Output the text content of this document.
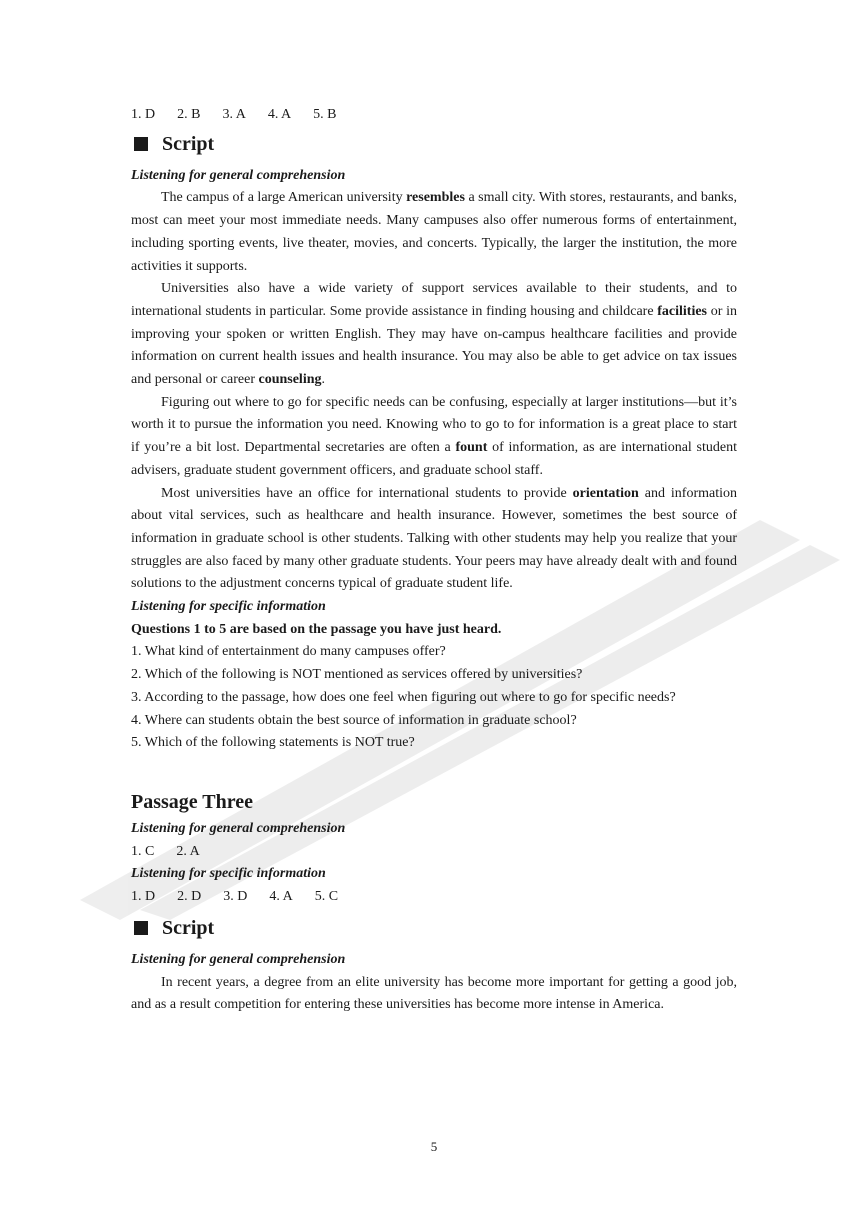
1. D 2. B 3. A 4. A 5. B
Script
Listening for general comprehension

The campus of a large American university resembles a small city. With stores, restaurants, and banks, most can meet your most immediate needs. Many campuses also offer numerous forms of entertainment, including sporting events, live theater, movies, and concerts. Typically, the larger the institution, the more activities it supports.

Universities also have a wide variety of support services available to their students, and to international students in particular. Some provide assistance in finding housing and childcare facilities or in improving your spoken or written English. They may have on-campus healthcare facilities and provide information on current health issues and health insurance. You may also be able to get advice on tax issues and personal or career counseling.

Figuring out where to go for specific needs can be confusing, especially at larger institutions—but it’s worth it to pursue the information you need. Knowing who to go to for information is a great place to start if you’re a bit lost. Departmental secretaries are often a fount of information, as are international student advisers, graduate student government officers, and graduate school staff.

Most universities have an office for international students to provide orientation and information about vital services, such as healthcare and health insurance. However, sometimes the best source of information in graduate school is other students. Talking with other students may help you realize that your struggles are also faced by many other graduate students. Your peers may have already dealt with and found solutions to the adjustment concerns typical of graduate student life.

Listening for specific information
Questions 1 to 5 are based on the passage you have just heard.
1. What kind of entertainment do many campuses offer?
2. Which of the following is NOT mentioned as services offered by universities?
3. According to the passage, how does one feel when figuring out where to go for specific needs?
4. Where can students obtain the best source of information in graduate school?
5. Which of the following statements is NOT true?
Passage Three
Listening for general comprehension
1. C 2. A
Listening for specific information
1. D 2. D 3. D 4. A 5. C
Script
Listening for general comprehension

In recent years, a degree from an elite university has become more important for getting a good job, and as a result competition for entering these universities has become more intense in America.

5
